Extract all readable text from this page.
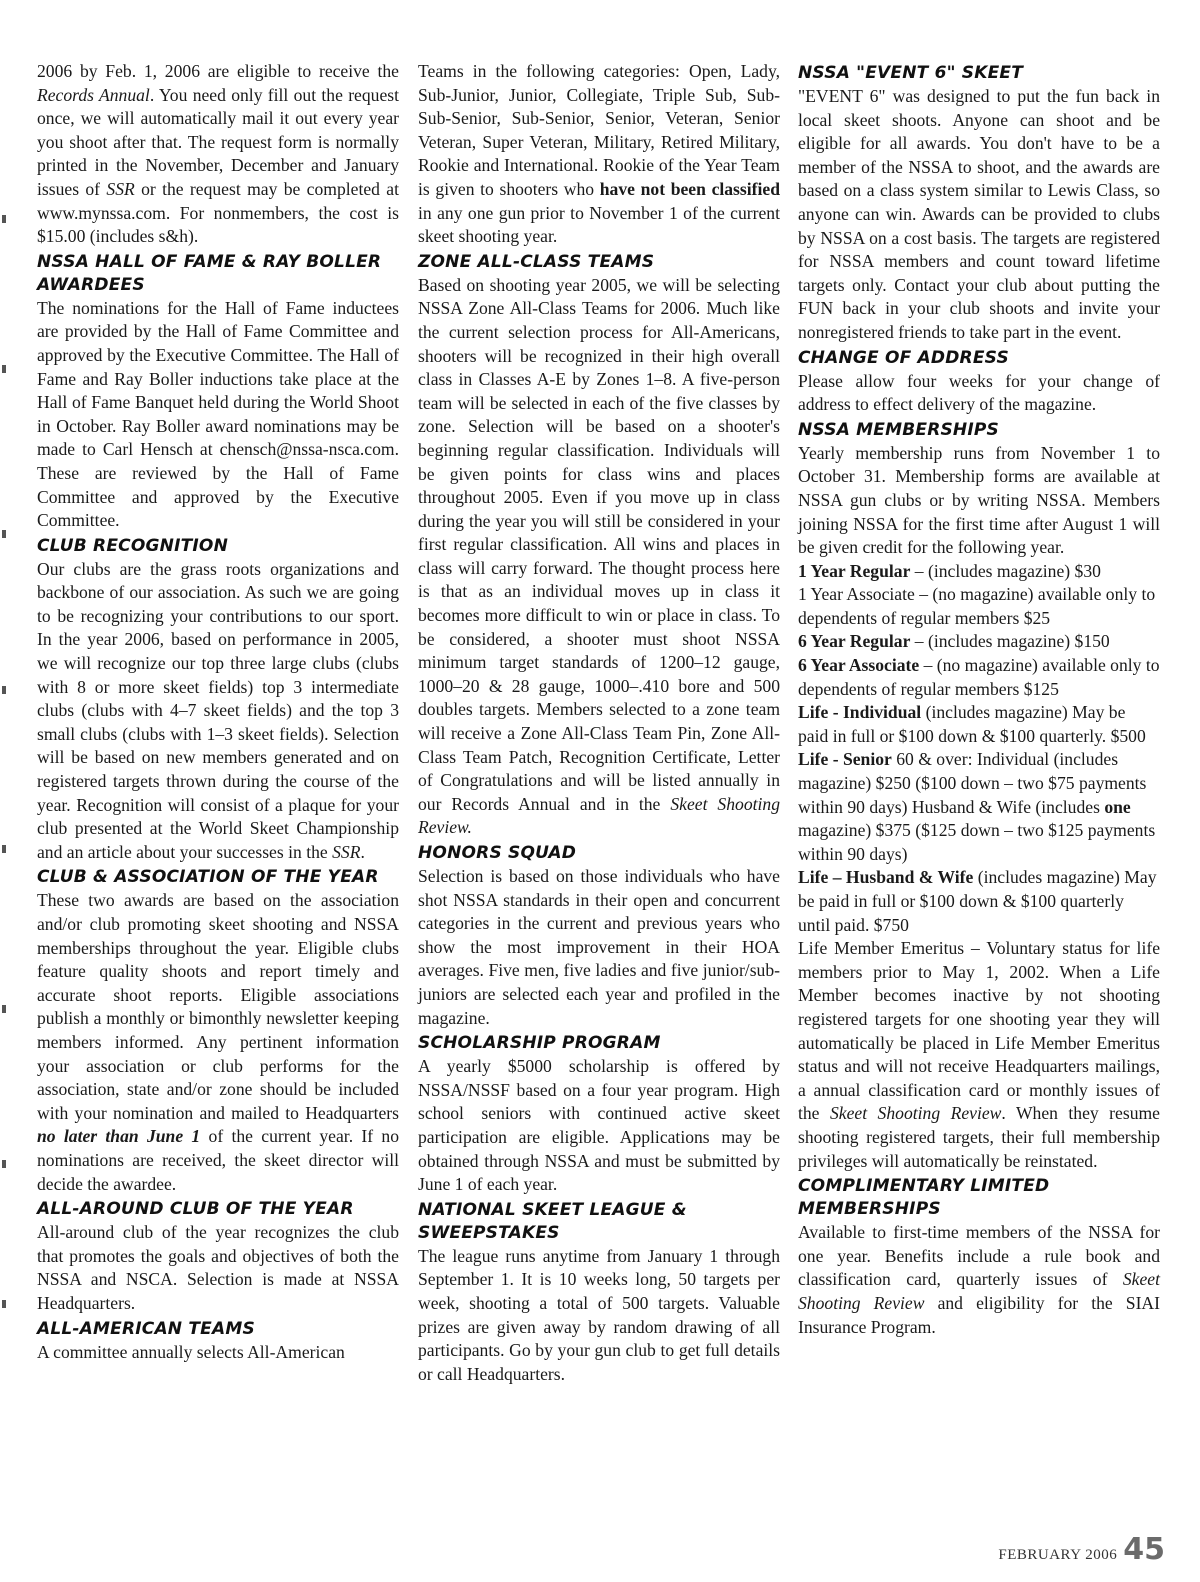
2006 by Feb. 1, 2006 are eligible to receive the Records Annual. You need only fill out the request once, we will automatically mail it out every year you shoot after that. The request form is normally printed in the November, December and January issues of SSR or the request may be completed at www.mynssa.com. For nonmembers, the cost is $15.00 (includes s&h).

NSSA HALL OF FAME & RAY BOLLER AWARDEES

The nominations for the Hall of Fame inductees are provided by the Hall of Fame Committee and approved by the Executive Committee. The Hall of Fame and Ray Boller inductions take place at the Hall of Fame Banquet held during the World Shoot in October. Ray Boller award nominations may be made to Carl Hensch at chensch@nssa-nsca.com. These are reviewed by the Hall of Fame Committee and approved by the Executive Committee.

CLUB RECOGNITION

Our clubs are the grass roots organizations and backbone of our association. As such we are going to be recognizing your contributions to our sport. In the year 2006, based on performance in 2005, we will recognize our top three large clubs (clubs with 8 or more skeet fields) top 3 intermediate clubs (clubs with 4–7 skeet fields) and the top 3 small clubs (clubs with 1–3 skeet fields). Selection will be based on new members generated and on registered targets thrown during the course of the year. Recognition will consist of a plaque for your club presented at the World Skeet Championship and an article about your successes in the SSR.

CLUB & ASSOCIATION OF THE YEAR

These two awards are based on the association and/or club promoting skeet shooting and NSSA memberships throughout the year. Eligible clubs feature quality shoots and report timely and accurate shoot reports. Eligible associations publish a monthly or bimonthly newsletter keeping members informed. Any pertinent information your association or club performs for the association, state and/or zone should be included with your nomination and mailed to Headquarters no later than June 1 of the current year. If no nominations are received, the skeet director will decide the awardee.

ALL-AROUND CLUB OF THE YEAR

All-around club of the year recognizes the club that promotes the goals and objectives of both the NSSA and NSCA. Selection is made at NSSA Headquarters.

ALL-AMERICAN TEAMS

A committee annually selects All-American

Teams in the following categories: Open, Lady, Sub-Junior, Junior, Collegiate, Triple Sub, Sub-Sub-Senior, Sub-Senior, Senior, Veteran, Senior Veteran, Super Veteran, Military, Retired Military, Rookie and International. Rookie of the Year Team is given to shooters who have not been classified in any one gun prior to November 1 of the current skeet shooting year.

ZONE ALL-CLASS TEAMS

Based on shooting year 2005, we will be selecting NSSA Zone All-Class Teams for 2006. Much like the current selection process for All-Americans, shooters will be recognized in their high overall class in Classes A-E by Zones 1–8. A five-person team will be selected in each of the five classes by zone. Selection will be based on a shooter's beginning regular classification. Individuals will be given points for class wins and places throughout 2005. Even if you move up in class during the year you will still be considered in your first regular classification. All wins and places in class will carry forward. The thought process here is that as an individual moves up in class it becomes more difficult to win or place in class. To be considered, a shooter must shoot NSSA minimum target standards of 1200–12 gauge, 1000–20 & 28 gauge, 1000–.410 bore and 500 doubles targets. Members selected to a zone team will receive a Zone All-Class Team Pin, Zone All-Class Team Patch, Recognition Certificate, Letter of Congratulations and will be listed annually in our Records Annual and in the Skeet Shooting Review.

HONORS SQUAD

Selection is based on those individuals who have shot NSSA standards in their open and concurrent categories in the current and previous years who show the most improvement in their HOA averages. Five men, five ladies and five junior/sub-juniors are selected each year and profiled in the magazine.

SCHOLARSHIP PROGRAM

A yearly $5000 scholarship is offered by NSSA/NSSF based on a four year program. High school seniors with continued active skeet participation are eligible. Applications may be obtained through NSSA and must be submitted by June 1 of each year.

NATIONAL SKEET LEAGUE & SWEEPSTAKES

The league runs anytime from January 1 through September 1. It is 10 weeks long, 50 targets per week, shooting a total of 500 targets. Valuable prizes are given away by random drawing of all participants. Go by your gun club to get full details or call Headquarters.

NSSA "EVENT 6" SKEET

"EVENT 6" was designed to put the fun back in local skeet shoots. Anyone can shoot and be eligible for all awards. You don't have to be a member of the NSSA to shoot, and the awards are based on a class system similar to Lewis Class, so anyone can win. Awards can be provided to clubs by NSSA on a cost basis. The targets are registered for NSSA members and count toward lifetime targets only. Contact your club about putting the FUN back in your club shoots and invite your nonregistered friends to take part in the event.

CHANGE OF ADDRESS

Please allow four weeks for your change of address to effect delivery of the magazine.

NSSA MEMBERSHIPS

Yearly membership runs from November 1 to October 31. Membership forms are available at NSSA gun clubs or by writing NSSA. Members joining NSSA for the first time after August 1 will be given credit for the following year.

1 Year Regular – (includes magazine) $30

1 Year Associate – (no magazine) available only to dependents of regular members $25

6 Year Regular – (includes magazine) $150

6 Year Associate – (no magazine) available only to dependents of regular members $125

Life - Individual (includes magazine) May be paid in full or $100 down & $100 quarterly. $500

Life - Senior 60 & over: Individual (includes magazine) $250 ($100 down – two $75 payments within 90 days) Husband & Wife (includes one magazine) $375 ($125 down – two $125 payments within 90 days)

Life – Husband & Wife (includes magazine) May be paid in full or $100 down & $100 quarterly until paid. $750

Life Member Emeritus – Voluntary status for life members prior to May 1, 2002. When a Life Member becomes inactive by not shooting registered targets for one shooting year they will automatically be placed in Life Member Emeritus status and will not receive Headquarters mailings, a annual classification card or monthly issues of the Skeet Shooting Review. When they resume shooting registered targets, their full membership privileges will automatically be reinstated.

COMPLIMENTARY LIMITED MEMBERSHIPS

Available to first-time members of the NSSA for one year. Benefits include a rule book and classification card, quarterly issues of Skeet Shooting Review and eligibility for the SIAI Insurance Program.

FEBRUARY 2006 45
